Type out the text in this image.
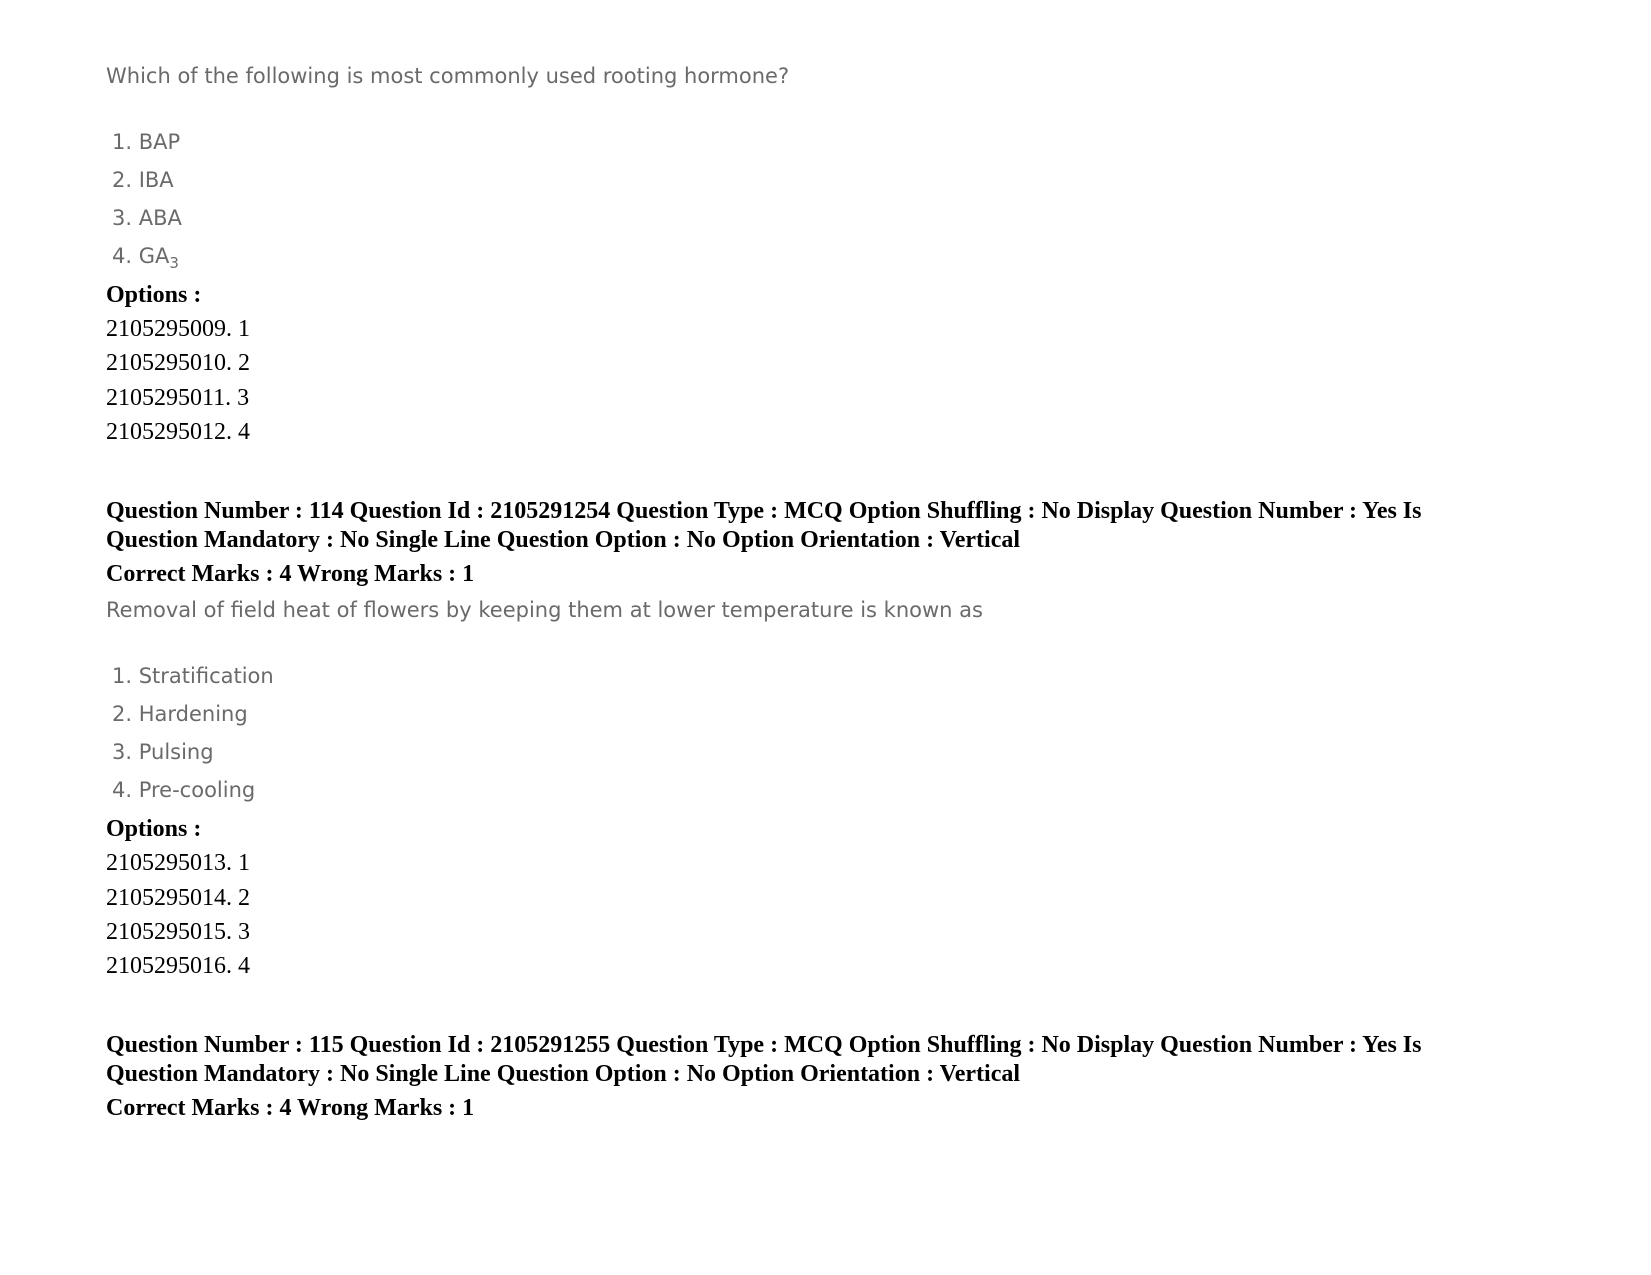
Which of the following is most commonly used rooting hormone?
1. BAP
2. IBA
3. ABA
4. $GA_3$
Options :
2105295009. 1
2105295010. 2
2105295011. 3
2105295012. 4
Question Number : 114 Question Id : 2105291254 Question Type : MCQ Option Shuffling : No Display Question Number : Yes Is
Question Mandatory : No Single Line Question Option : No Option Orientation : Vertical
Correct Marks : 4 Wrong Marks : 1
Removal of field heat of flowers by keeping them at lower temperature is known as
1. Stratification
2. Hardening
3. Pulsing
4. Pre-cooling
Options :
2105295013. 1
2105295014. 2
2105295015. 3
2105295016. 4
Question Number : 115 Question Id : 2105291255 Question Type : MCQ Option Shuffling : No Display Question Number : Yes Is
Question Mandatory : No Single Line Question Option : No Option Orientation : Vertical
Correct Marks : 4 Wrong Marks : 1
